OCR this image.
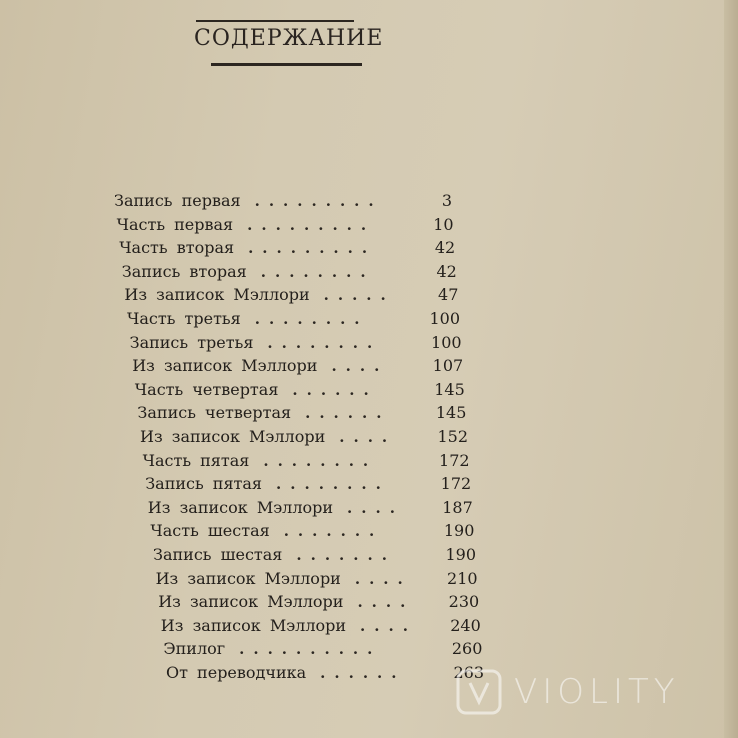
СОДЕРЖАНИЕ
Запись первая	3
.........
Часть первая	10
.........
Часть вторая	42
.........
Запись вторая	42
........
Из записок Мэллори	47
.....
Часть третья	100
........
Запись третья	100
........
Из записок Мэллори	107
....
Часть четвертая	145
......
Запись четвертая	145
......
Из записок Мэллори	152
....
Часть пятая	172
........
Запись пятая	172
........
Из записок Мэллори	187
....
Часть шестая	190
.......
Запись шестая	190
.......
Из записок Мэллори	210
....
Из записок Мэллори	230
....
Из записок Мэллори	240
....
Эпилог	260
..........
От переводчика	263
......	VIOLITY
